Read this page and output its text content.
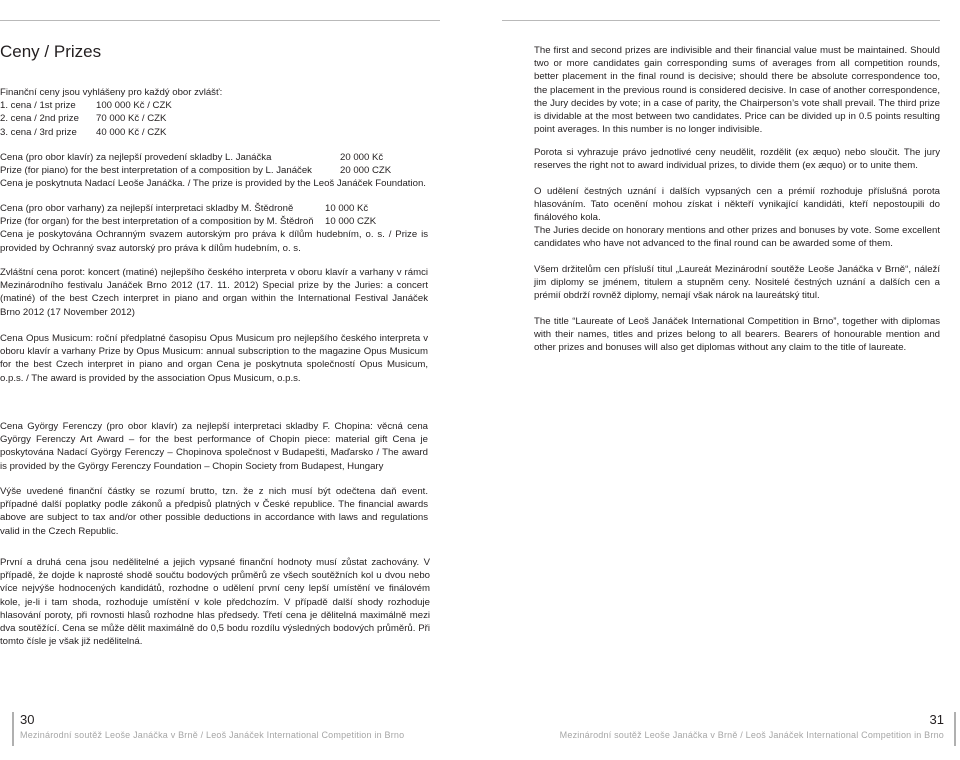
Ceny / Prizes

Finanční ceny jsou vyhlášeny pro každý obor zvlášť:

1. cena / 1st prize	100 000 Kč / CZK
2. cena / 2nd prize	70 000 Kč / CZK
3. cena / 3rd prize	40 000 Kč / CZK
Cena (pro obor klavír) za nejlepší provedení skladby L. Janáčka	20 000 Kč
Prize (for piano) for the best interpretation of a composition by L. Janáček	20 000 CZK

Cena je poskytnuta Nadací Leoše Janáčka. / The prize is provided by the Leoš Janáček Foundation.

Cena (pro obor varhany) za nejlepší interpretaci skladby M. Štědroně	10 000 Kč
Prize (for organ) for the best interpretation of a composition by M. Štědroň	10 000 CZK

Cena je poskytována Ochranným svazem autorským pro práva k dílům hudebním, o. s. / Prize is provided by Ochranný svaz autorský pro práva k dílům hudebním, o. s.

Zvláštní cena porot: koncert (matiné) nejlepšího českého interpreta v oboru klavír a varhany v rámci Mezinárodního festivalu Janáček Brno 2012 (17. 11. 2012) Special prize by the Juries: a concert (matiné) of the best Czech interpret in piano and organ within the International Festival Janáček Brno 2012 (17 November 2012)
Cena Opus Musicum: roční předplatné časopisu Opus Musicum pro nejlepšího českého interpreta v oboru klavír a varhany Prize by Opus Musicum: annual subscription to the magazine Opus Musicum for the best Czech interpret in piano and organ Cena je poskytnuta společností Opus Musicum, o.p.s. / The award is provided by the association Opus Musicum, o.p.s.
Cena György Ferenczy (pro obor klavír) za nejlepší interpretaci skladby F. Chopina: věcná cena György Ferenczy Art Award – for the best performance of Chopin piece: material gift Cena je poskytována Nadací György Ferenczy – Chopinova společnost v Budapešti, Maďarsko / The award is provided by the György Ferenczy Foundation – Chopin Society from Budapest, Hungary
Výše uvedené finanční částky se rozumí brutto, tzn. že z nich musí být odečtena daň event. případné další poplatky podle zákonů a předpisů platných v České republice. The financial awards above are subject to tax and/or other possible deductions in accordance with laws and regulations valid in the Czech Republic.
První a druhá cena jsou nedělitelné a jejich vypsané finanční hodnoty musí zůstat zachovány. V případě, že dojde k naprosté shodě součtu bodových průměrů ze všech soutěžních kol u dvou nebo více nejvýše hodnocených kandidátů, rozhodne o udělení první ceny lepší umístění ve finálovém kole, je-li i tam shoda, rozhoduje umístění v kole předchozím. V případě další shody rozhoduje hlasování poroty, při rovnosti hlasů rozhodne hlas předsedy. Třetí cena je dělitelná maximálně mezi dva soutěžící. Cena se může dělit maximálně do 0,5 bodu rozdílu výsledných bodových průměrů. Při tomto čísle je však již nedělitelná.
30
Mezinárodní soutěž Leoše Janáčka v Brně / Leoš Janáček International Competition in Brno
The first and second prizes are indivisible and their financial value must be maintained. Should two or more candidates gain corresponding sums of averages from all competition rounds, better placement in the final round is decisive; should there be absolute correspondence too, the placement in the previous round is considered decisive. In case of another correspondence, the Jury decides by vote; in a case of parity, the Chairperson’s vote shall prevail. The third prize is dividable at the most between two candidates. Price can be divided up in 0.5 points resulting point averages. In this number is no longer indivisible.
Porota si vyhrazuje právo jednotlivé ceny neudělit, rozdělit (ex æquo) nebo sloučit. The jury reserves the right not to award individual prizes, to divide them (ex æquo) or to unite them.
O udělení čestných uznání i dalších vypsaných cen a prémií rozhoduje příslušná porota hlasováním. Tato ocenění mohou získat i někteří vynikající kandidáti, kteří nepostoupili do finálového kola.
The Juries decide on honorary mentions and other prizes and bonuses by vote. Some excellent candidates who have not advanced to the final round can be awarded some of them.
Všem držitelům cen přísluší titul „Laureát Mezinárodní soutěže Leoše Janáčka v Brně“, náleží jim diplomy se jménem, titulem a stupněm ceny. Nositelé čestných uznání a dalších cen a prémií obdrží rovněž diplomy, nemají však nárok na laureátský titul.
The title “Laureate of Leoš Janáček International Competition in Brno”, together with diplomas with their names, titles and prizes belong to all bearers. Bearers of honourable mention and other prizes and bonuses will also get diplomas without any claim to the title of laureate.
31
Mezinárodní soutěž Leoše Janáčka v Brně / Leoš Janáček International Competition in Brno
